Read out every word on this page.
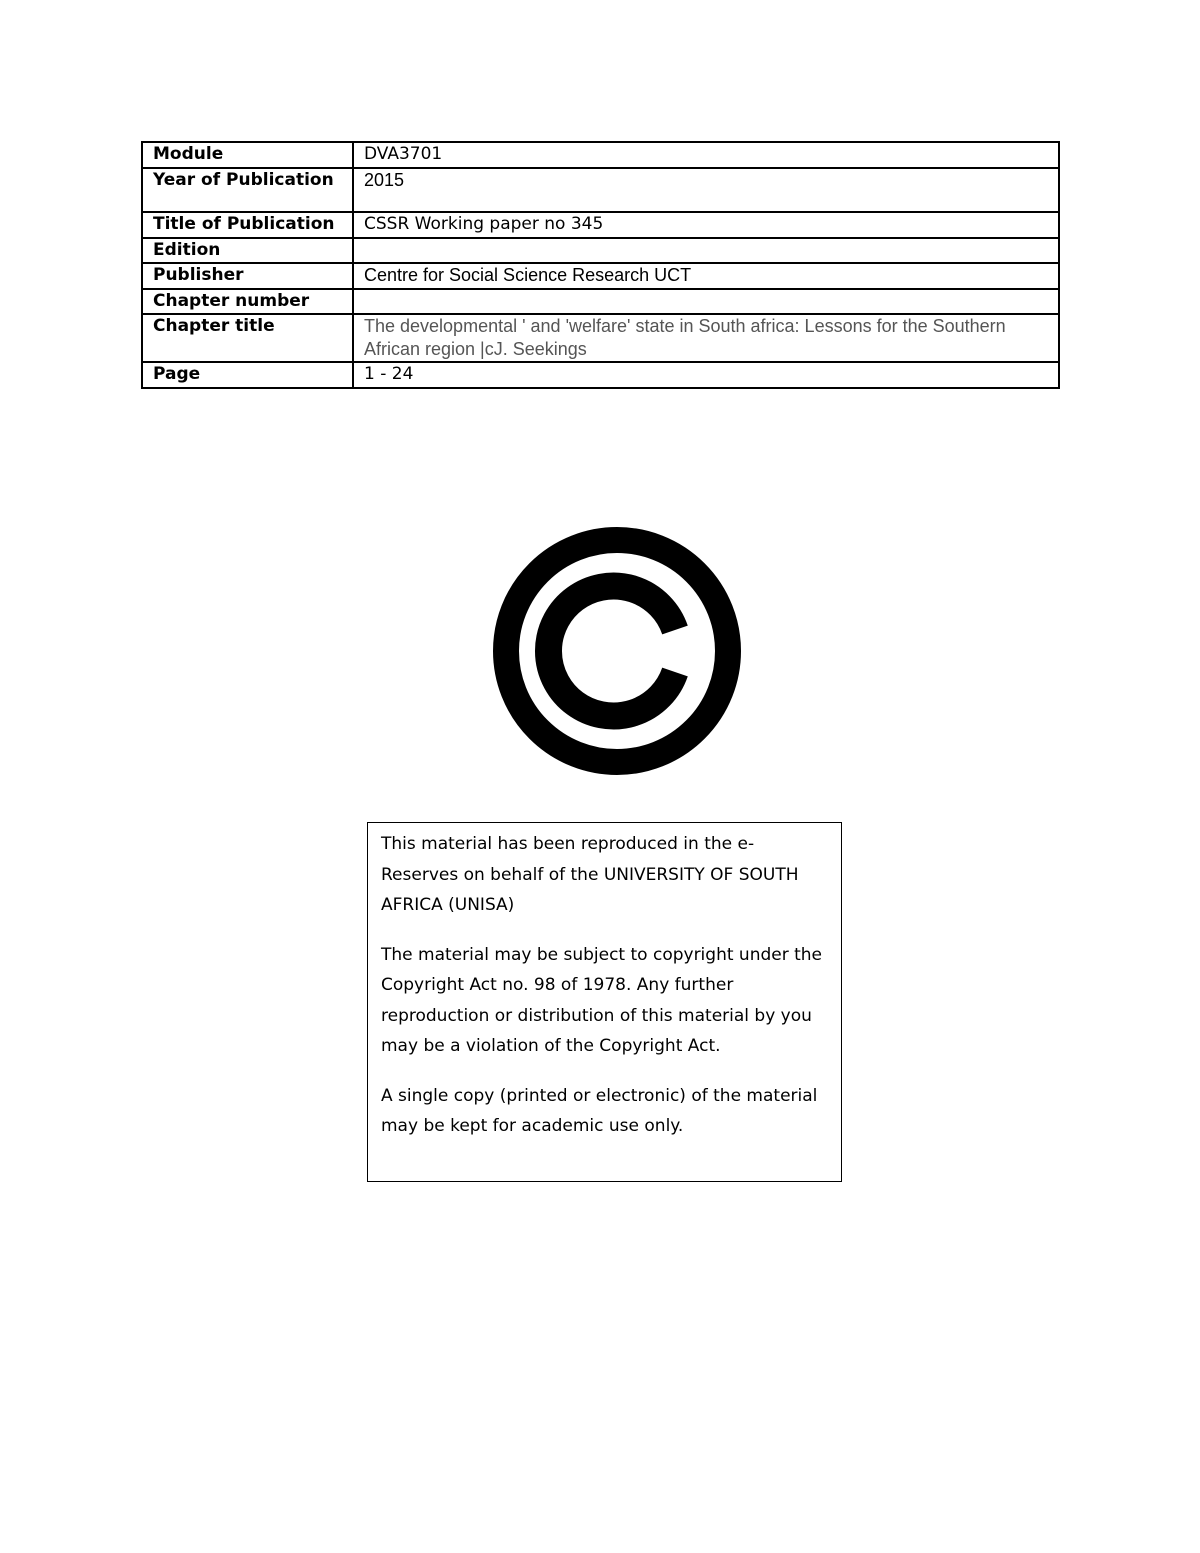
Module	DVA3701
Year of Publication	2015
Title of Publication	CSSR Working paper no 345
Edition	
Publisher	Centre for Social Science Research UCT
Chapter number	
Chapter title	The developmental ' and 'welfare' state in South africa: Lessons for the Southern African region |cJ. Seekings
Page	1 - 24

This material has been reproduced in the e-Reserves on behalf of the UNIVERSITY OF SOUTH AFRICA (UNISA)

The material may be subject to copyright under the Copyright Act no. 98 of 1978. Any further reproduction or distribution of this material by you may be a violation of the Copyright Act.

A single copy (printed or electronic) of the material may be kept for academic use only.
